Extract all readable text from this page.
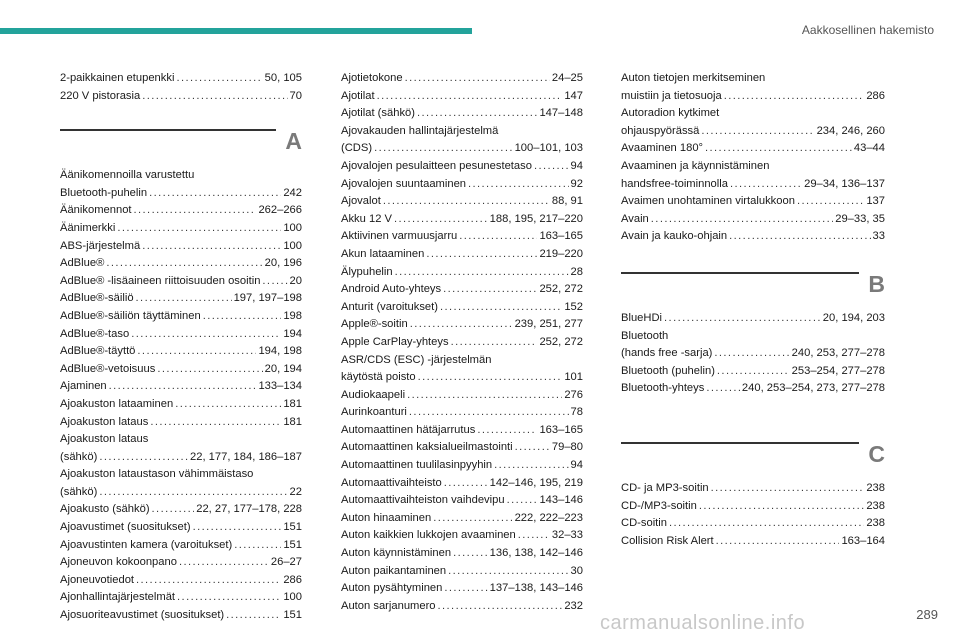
Aakkosellinen hakemisto
2-paikkainen etupenkki .....	50, 105
220 V pistorasia .....	70
A
Äänikomennoilla varustettu
Bluetooth-puhelin .....	242
Äänikomennot .....	262–266
Äänimerkki .....	100
ABS-järjestelmä .....	100
AdBlue® .....	20, 196
AdBlue® -lisäaineen riittoisuuden osoitin .....	20
AdBlue®-säiliö .....	197, 197–198
AdBlue®-säiliön täyttäminen .....	198
AdBlue®-taso .....	194
AdBlue®-täyttö .....	194, 198
AdBlue®-vetoisuus .....	20, 194
Ajaminen .....	133–134
Ajoakuston lataaminen .....	181
Ajoakuston lataus .....	181
Ajoakuston lataus
(sähkö) .....	22, 177, 184, 186–187
Ajoakuston lataustason vähimmäistaso
(sähkö) .....	22
Ajoakusto (sähkö) .....	22, 27, 177–178, 228
Ajoavustimet (suositukset) .....	151
Ajoavustinten kamera (varoitukset) .....	151
Ajoneuvon kokoonpano .....	26–27
Ajoneuvotiedot .....	286
Ajonhallintajärjestelmät .....	100
Ajosuoriteavustimet (suositukset) .....	151
Ajotietokone .....	24–25
Ajotilat .....	147
Ajotilat (sähkö) .....	147–148
Ajovakauden hallintajärjestelmä
(CDS) .....	100–101, 103
Ajovalojen pesulaitteen pesunestetaso .....	94
Ajovalojen suuntaaminen .....	92
Ajovalot .....	88, 91
Akku 12 V .....	188, 195, 217–220
Aktiivinen varmuusjarru .....	163–165
Akun lataaminen .....	219–220
Älypuhelin .....	28
Android Auto-yhteys .....	252, 272
Anturit (varoitukset) .....	152
Apple®-soitin .....	239, 251, 277
Apple CarPlay-yhteys .....	252, 272
ASR/CDS (ESC) -järjestelmän
käytöstä poisto .....	101
Audiokaapeli .....	276
Aurinkoanturi .....	78
Automaattinen hätäjarrutus .....	163–165
Automaattinen kaksialueilmastointi .....	79–80
Automaattinen tuulilasinpyyhin .....	94
Automaattivaihteisto .....	142–146, 195, 219
Automaattivaihteiston vaihdevipu .....	143–146
Auton hinaaminen .....	222, 222–223
Auton kaikkien lukkojen avaaminen .....	32–33
Auton käynnistäminen .....	136, 138, 142–146
Auton paikantaminen .....	30
Auton pysähtyminen .....	137–138, 143–146
Auton sarjanumero .....	232
Auton tietojen merkitseminen
muistiin ja tietosuoja .....	286
Autoradion kytkimet
ohjauspyörässä .....	234, 246, 260
Avaaminen 180° .....	43–44
Avaaminen ja käynnistäminen
handsfree-toiminnolla .....	29–34, 136–137
Avaimen unohtaminen virtalukkoon .....	137
Avain .....	29–33, 35
Avain ja kauko-ohjain .....	33
B
BlueHDi .....	20, 194, 203
Bluetooth
(hands free -sarja) .....	240, 253, 277–278
Bluetooth (puhelin) .....	253–254, 277–278
Bluetooth-yhteys .....	240, 253–254, 273, 277–278
C
CD- ja MP3-soitin .....	238
CD-/MP3-soitin .....	238
CD-soitin .....	238
Collision Risk Alert .....	163–164
289
carmanualsonline.info
